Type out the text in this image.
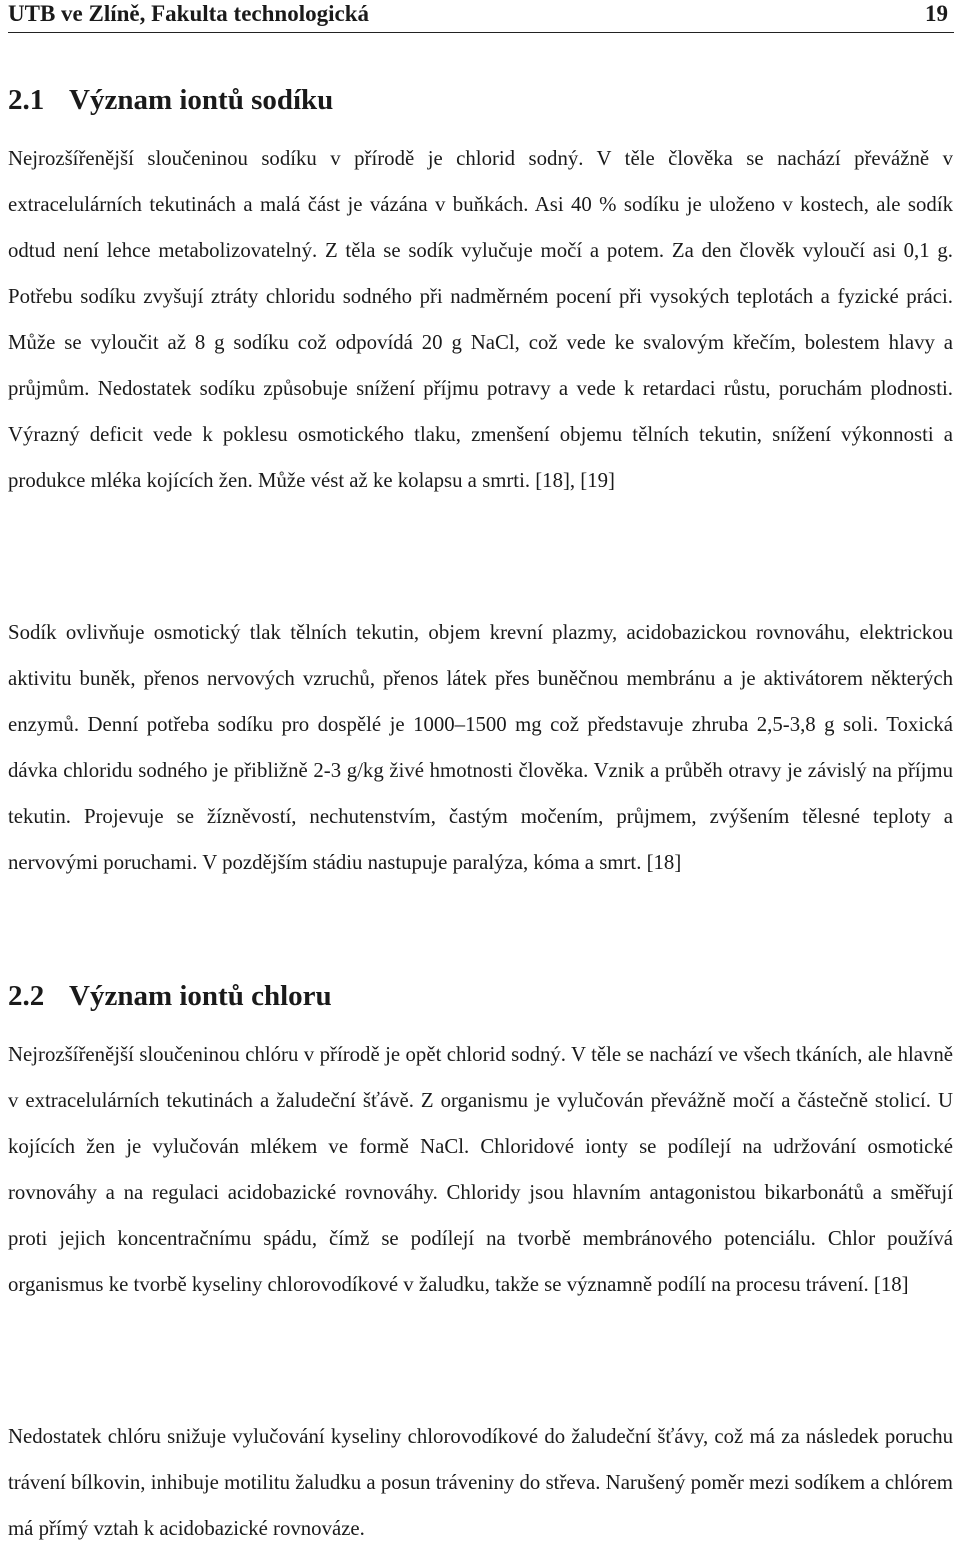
UTB ve Zlíně, Fakulta technologická	19
2.1 Význam iontů sodíku

Nejrozšířenější sloučeninou sodíku v přírodě je chlorid sodný. V těle člověka se nachází převážně v extracelulárních tekutinách a malá část je vázána v buňkách. Asi 40 % sodíku je uloženo v kostech, ale sodík odtud není lehce metabolizovatelný. Z těla se sodík vylučuje močí a potem. Za den člověk vyloučí asi 0,1 g. Potřebu sodíku zvyšují ztráty chloridu sodného při nadměrném pocení při vysokých teplotách a fyzické práci. Může se vyloučit až 8 g sodíku což odpovídá 20 g NaCl, což vede ke svalovým křečím, bolestem hlavy a průjmům. Nedostatek sodíku způsobuje snížení příjmu potravy a vede k retardaci růstu, poruchám plodnosti. Výrazný deficit vede k poklesu osmotického tlaku, zmenšení objemu tělních tekutin, snížení výkonnosti a produkce mléka kojících žen. Může vést až ke kolapsu a smrti. [18], [19]

Sodík ovlivňuje osmotický tlak tělních tekutin, objem krevní plazmy, acidobazickou rovnováhu, elektrickou aktivitu buněk, přenos nervových vzruchů, přenos látek přes buněčnou membránu a je aktivátorem některých enzymů. Denní potřeba sodíku pro dospělé je 1000–1500 mg což představuje zhruba 2,5-3,8 g soli. Toxická dávka chloridu sodného je přibližně 2-3 g/kg živé hmotnosti člověka. Vznik a průběh otravy je závislý na příjmu tekutin. Projevuje se žízněvostí, nechutenstvím, častým močením, průjmem, zvýšením tělesné teploty a nervovými poruchami. V pozdějším stádiu nastupuje paralýza, kóma a smrt. [18]

2.2 Význam iontů chloru

Nejrozšířenější sloučeninou chlóru v přírodě je opět chlorid sodný. V těle se nachází ve všech tkáních, ale hlavně v extracelulárních tekutinách a žaludeční šťávě. Z organismu je vylučován převážně močí a částečně stolicí. U kojících žen je vylučován mlékem ve formě NaCl. Chloridové ionty se podílejí na udržování osmotické rovnováhy a na regulaci acidobazické rovnováhy. Chloridy jsou hlavním antagonistou bikarbonátů a směřují proti jejich koncentračnímu spádu, čímž se podílejí na tvorbě membránového potenciálu. Chlor používá organismus ke tvorbě kyseliny chlorovodíkové v žaludku, takže se významně podílí na procesu trávení. [18]

Nedostatek chlóru snižuje vylučování kyseliny chlorovodíkové do žaludeční šťávy, což má za následek poruchu trávení bílkovin, inhibuje motilitu žaludku a posun tráveniny do střeva. Narušený poměr mezi sodíkem a chlórem má přímý vztah k acidobazické rovnováze.
